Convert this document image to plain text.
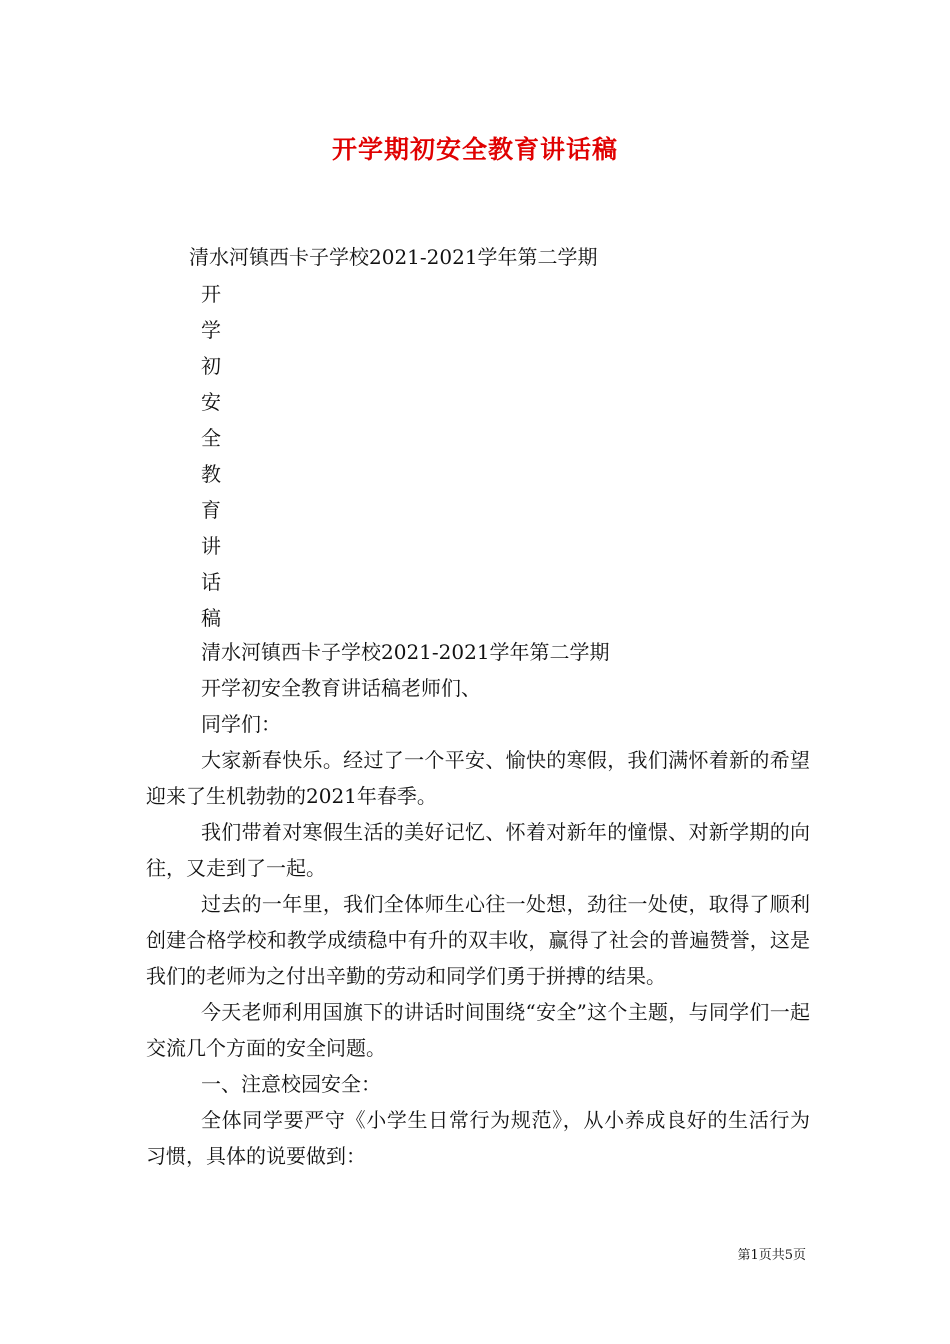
开学期初安全教育讲话稿
清水河镇西卡子学校2021-2021学年第二学期
开
学
初
安
全
教
育
讲
话
稿
清水河镇西卡子学校2021-2021学年第二学期
开学初安全教育讲话稿老师们、
同学们：

大家新春快乐。经过了一个平安、愉快的寒假，我们满怀着新的希望迎来了生机勃勃的2021年春季。

我们带着对寒假生活的美好记忆、怀着对新年的憧憬、对新学期的向往，又走到了一起。

过去的一年里，我们全体师生心往一处想，劲往一处使，取得了顺利创建合格学校和教学成绩稳中有升的双丰收，赢得了社会的普遍赞誉，这是我们的老师为之付出辛勤的劳动和同学们勇于拼搏的结果。

今天老师利用国旗下的讲话时间围绕“安全”这个主题，与同学们一起交流几个方面的安全问题。

一、注意校园安全：

全体同学要严守《小学生日常行为规范》，从小养成良好的生活行为习惯，具体的说要做到：

第1页共5页
